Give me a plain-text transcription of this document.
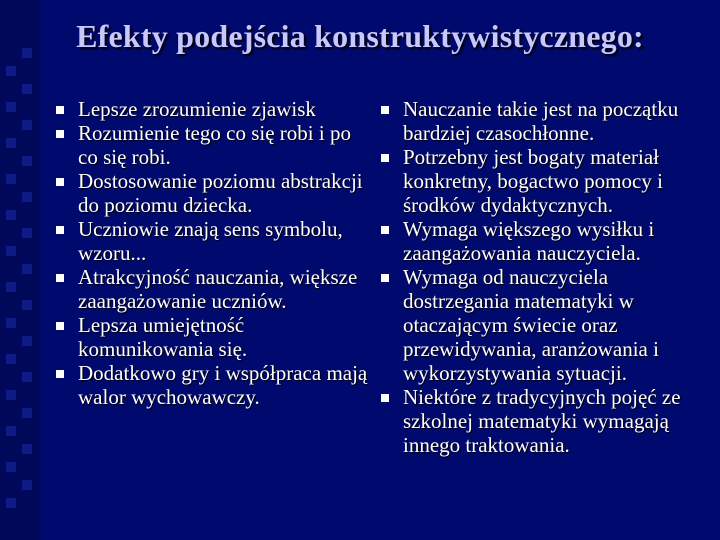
Efekty podejścia konstruktywistycznego:
Lepsze zrozumienie zjawisk
Rozumienie tego co się robi i po co się robi.
Dostosowanie poziomu abstrakcji do poziomu dziecka.
Uczniowie znają sens symbolu, wzoru...
Atrakcyjność nauczania, większe zaangażowanie uczniów.
Lepsza umiejętność komunikowania się.
Dodatkowo gry i współpraca mają walor wychowawczy.
Nauczanie takie jest na początku bardziej czasochłonne.
Potrzebny jest bogaty materiał konkretny, bogactwo pomocy i środków dydaktycznych.
Wymaga większego wysiłku i zaangażowania nauczyciela.
Wymaga od nauczyciela dostrzegania matematyki w otaczającym świecie oraz przewidywania, aranżowania i wykorzystywania sytuacji.
Niektóre z tradycyjnych pojęć ze szkolnej matematyki wymagają innego traktowania.
